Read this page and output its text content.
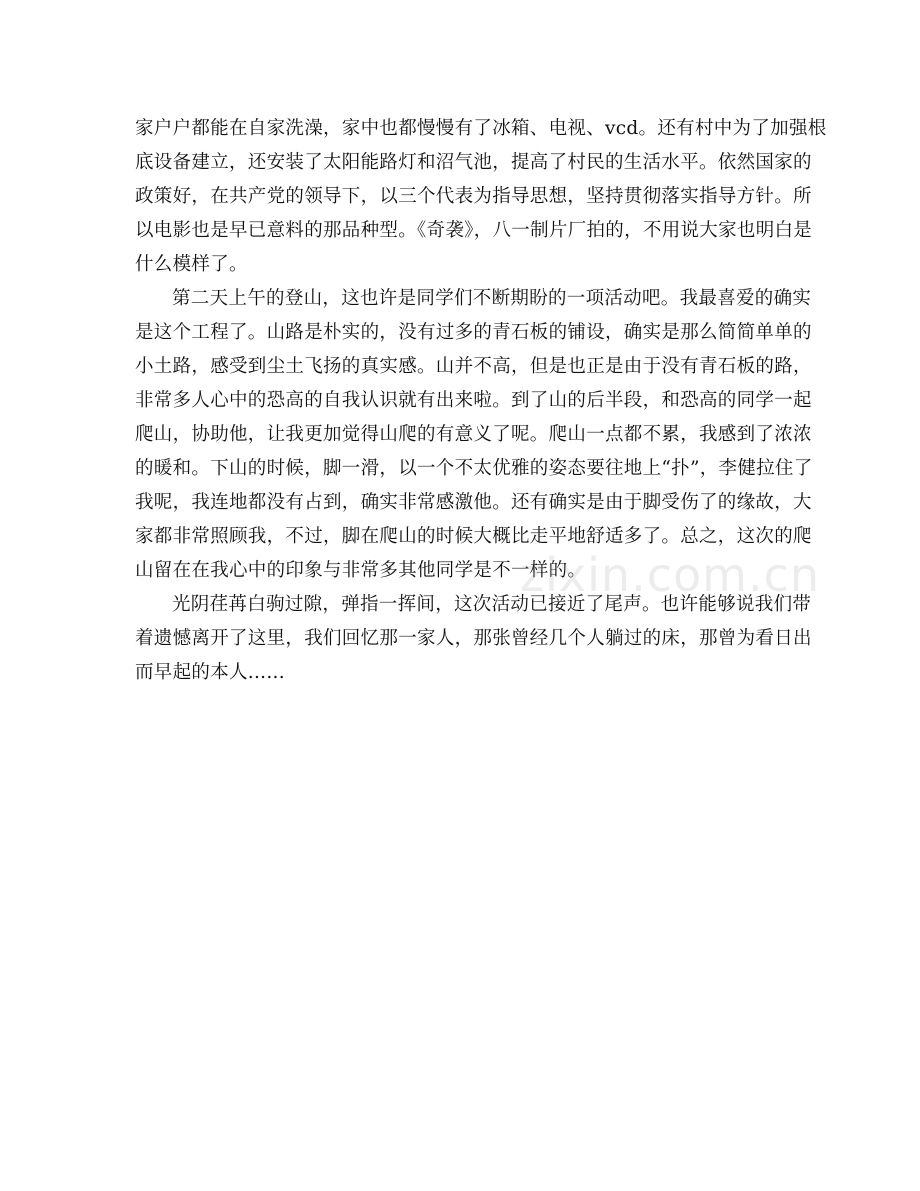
家户户都能在自家洗澡，家中也都慢慢有了冰箱、电视、vcd。还有村中为了加强根
底设备建立，还安装了太阳能路灯和沼气池，提高了村民的生活水平。依然国家的
政策好，在共产党的领导下，以三个代表为指导思想，坚持贯彻落实指导方针。所
以电影也是早已意料的那品种型。《奇袭》，八一制片厂拍的，不用说大家也明白是
什么模样了。
第二天上午的登山，这也许是同学们不断期盼的一项活动吧。我最喜爱的确实
是这个工程了。山路是朴实的，没有过多的青石板的铺设，确实是那么简简单单的
小土路，感受到尘土飞扬的真实感。山并不高，但是也正是由于没有青石板的路，
非常多人心中的恐高的自我认识就有出来啦。到了山的后半段，和恐高的同学一起
爬山，协助他，让我更加觉得山爬的有意义了呢。爬山一点都不累，我感到了浓浓
的暖和。下山的时候，脚一滑，以一个不太优雅的姿态要往地上“扑”，李健拉住了
我呢，我连地都没有占到，确实非常感激他。还有确实是由于脚受伤了的缘故，大
家都非常照顾我，不过，脚在爬山的时候大概比走平地舒适多了。总之，这次的爬
山留在在我心中的印象与非常多其他同学是不一样的。
光阴荏苒白驹过隙，弹指一挥间，这次活动已接近了尾声。也许能够说我们带
着遗憾离开了这里，我们回忆那一家人，那张曾经几个人躺过的床，那曾为看日出
而早起的本人......
zixin.com.cn
